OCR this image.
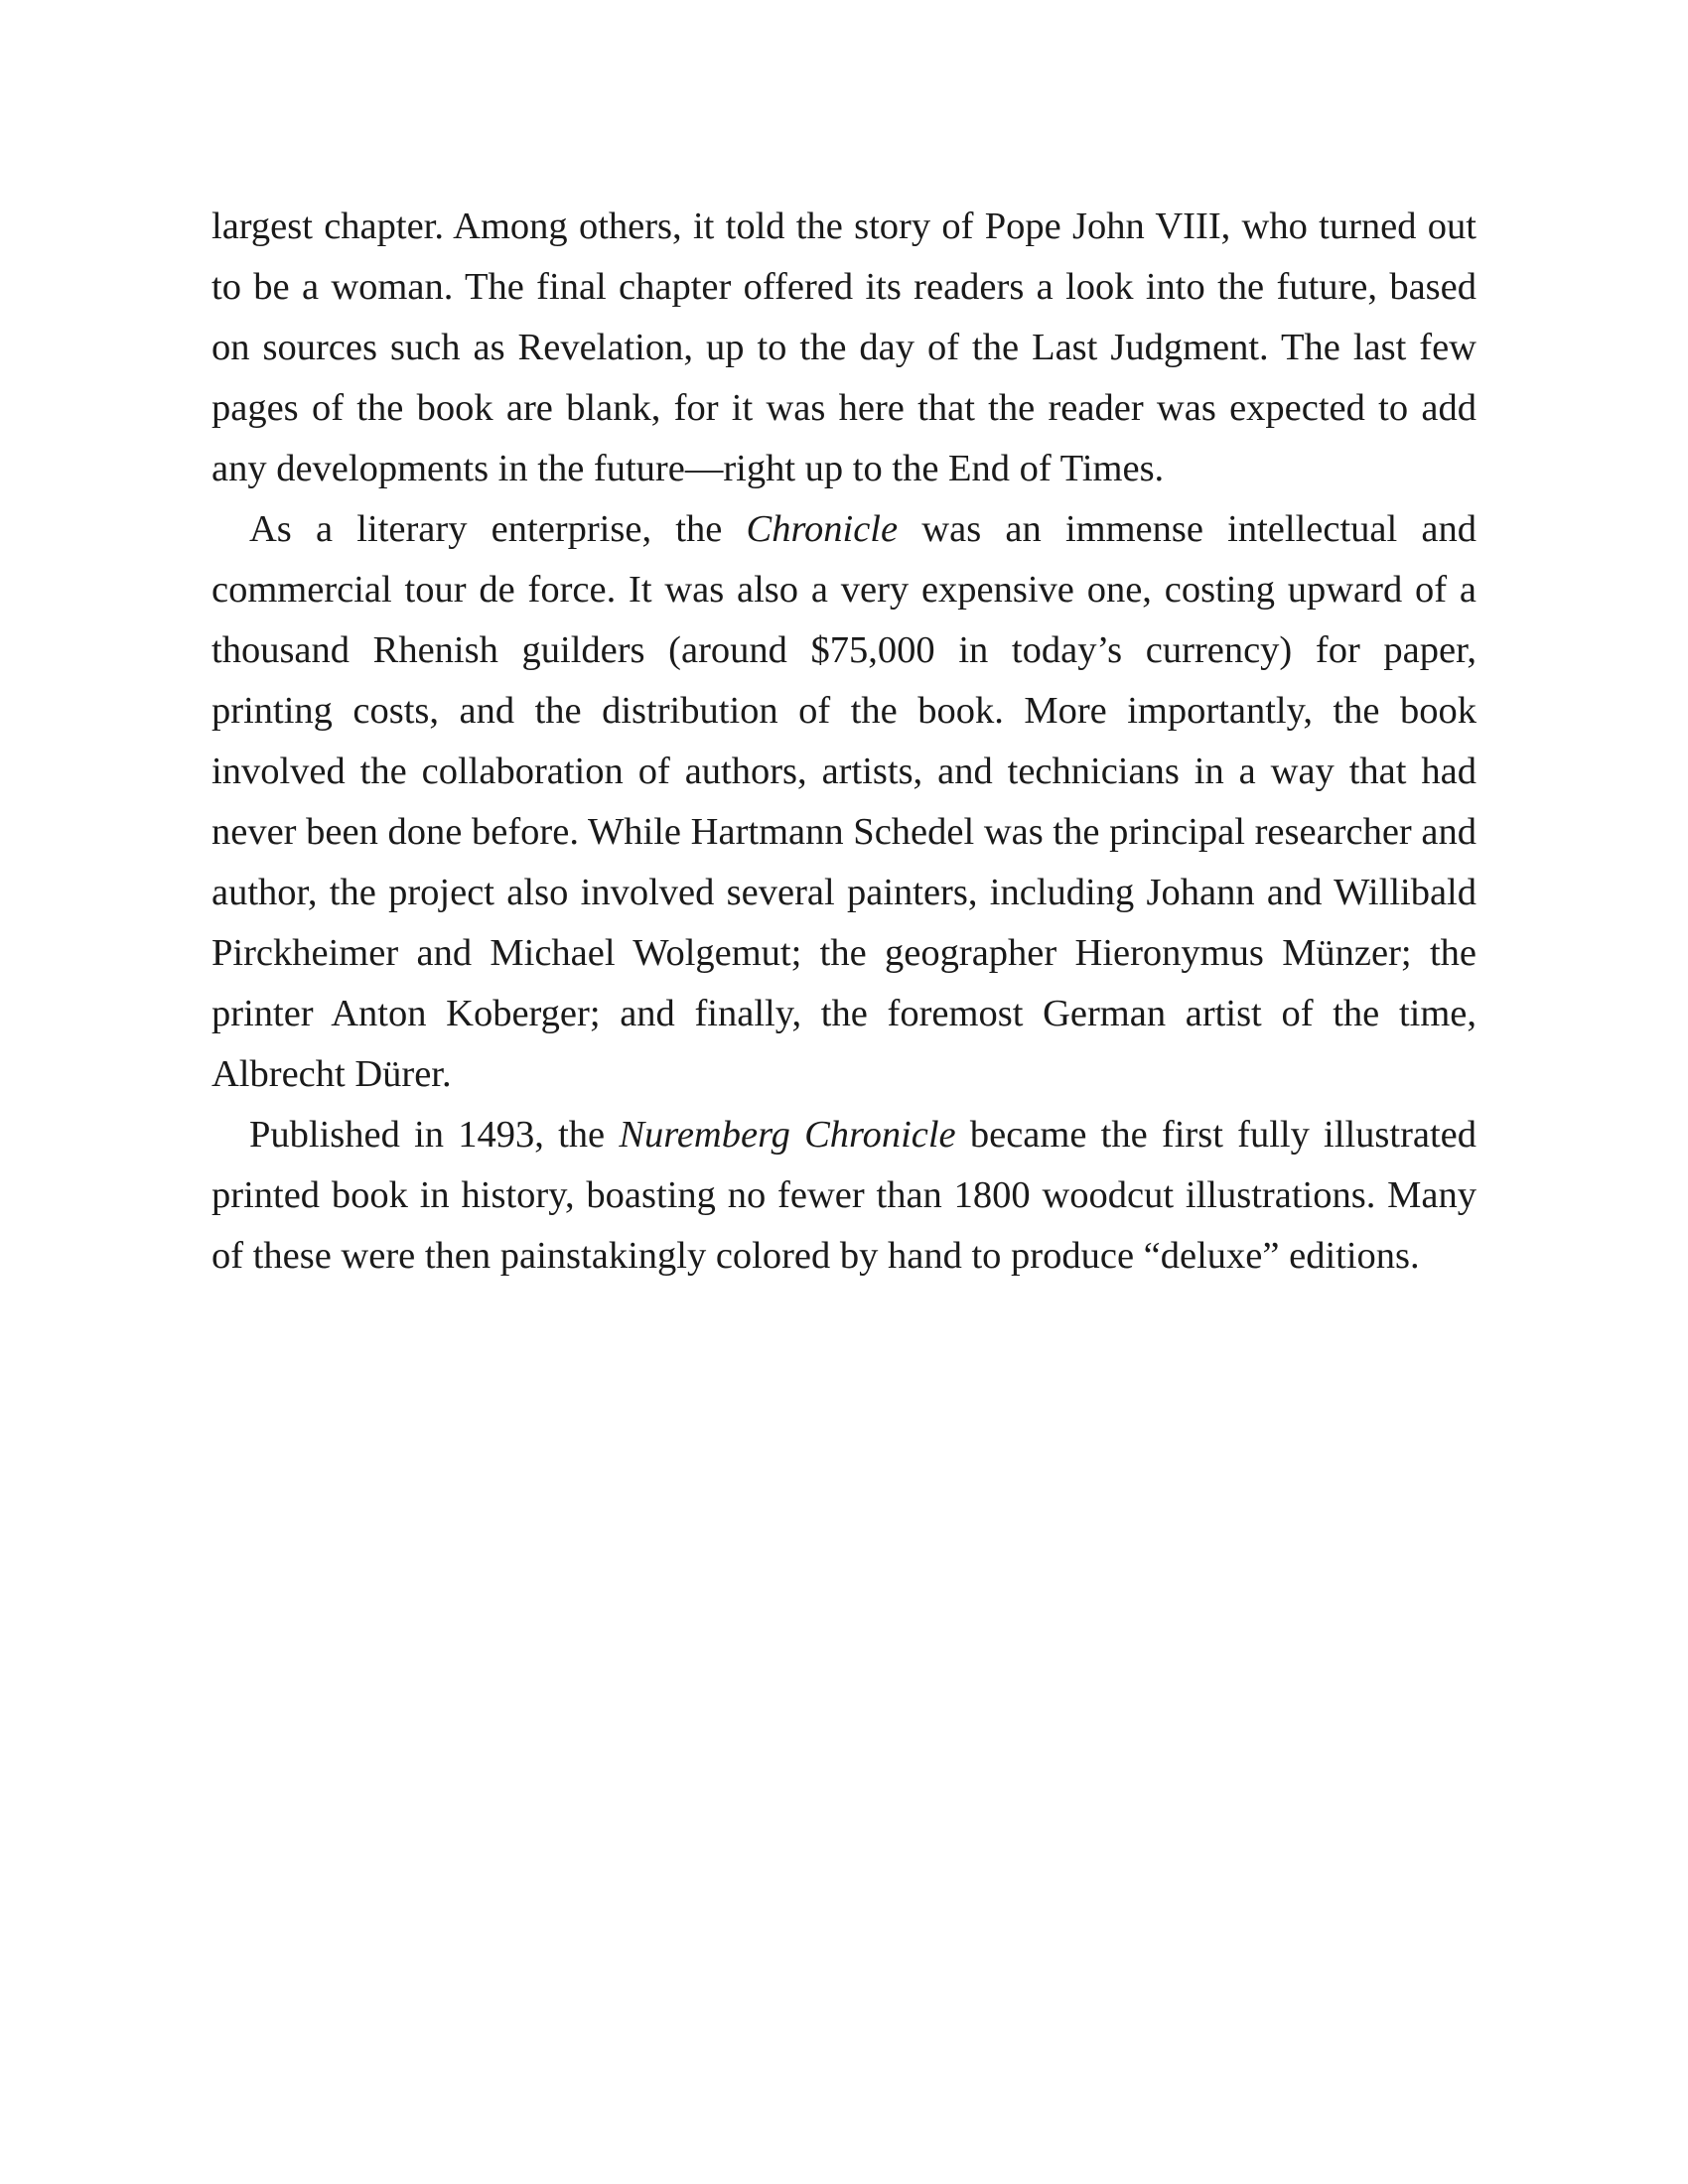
largest chapter. Among others, it told the story of Pope John VIII, who turned out to be a woman. The final chapter offered its readers a look into the future, based on sources such as Revelation, up to the day of the Last Judgment. The last few pages of the book are blank, for it was here that the reader was expected to add any developments in the future—right up to the End of Times.

As a literary enterprise, the Chronicle was an immense intellectual and commercial tour de force. It was also a very expensive one, costing upward of a thousand Rhenish guilders (around $75,000 in today’s currency) for paper, printing costs, and the distribution of the book. More importantly, the book involved the collaboration of authors, artists, and technicians in a way that had never been done before. While Hartmann Schedel was the principal researcher and author, the project also involved several painters, including Johann and Willibald Pirckheimer and Michael Wolgemut; the geographer Hieronymus Münzer; the printer Anton Koberger; and finally, the foremost German artist of the time, Albrecht Dürer.

Published in 1493, the Nuremberg Chronicle became the first fully illustrated printed book in history, boasting no fewer than 1800 woodcut illustrations. Many of these were then painstakingly colored by hand to produce “deluxe” editions.
